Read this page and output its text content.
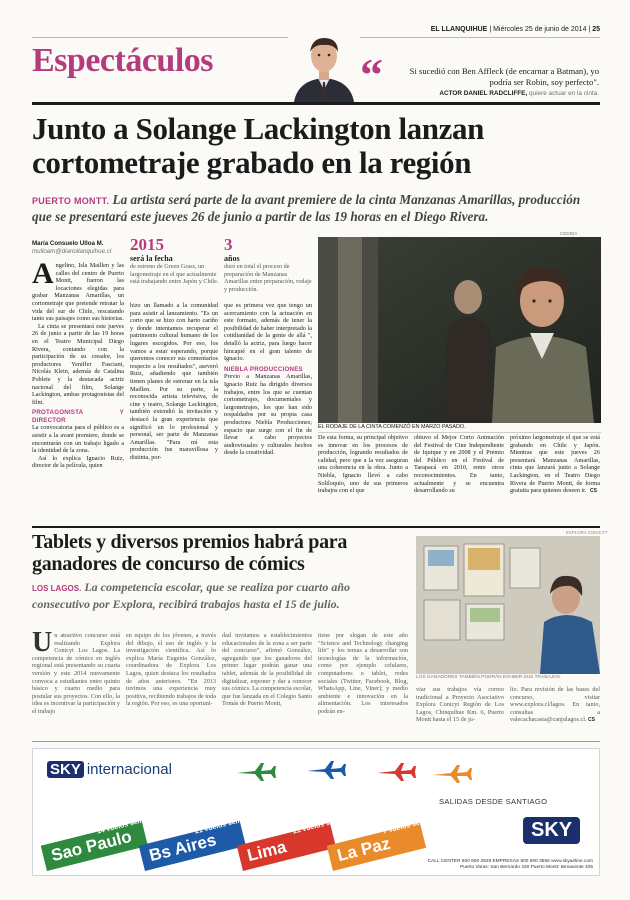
EL LLANQUIHUE | Miércoles 25 de junio de 2014 | 25
Espectáculos	“	Si sucedió con Ben Affleck (de encarnar a Batman), yo podría ser Robin, soy perfecto".
ACTOR DANIEL RADCLIFFE, quiere actuar en la cinta.
Junto a Solange Lackington lanzan cortometraje grabado en la región
PUERTO MONTT. La artista será parte de la avant premiere de la cinta Manzanas Amarillas, producción que se presentará este jueves 26 de junio a partir de las 19 horas en el Diego Rivera.
María Consuelo Ulloa M.
mulloam@diariollanquihue.cl

Angelino, Isla Maillen y las calles del centro de Puerto Montt, fueron las locaciones elegidas para grabar Manzanas Amarillas, un cortometraje que pretende retratar la vida del sur de Chile, rescatando tanto sus paisajes como sus historias.

La cinta se presentará este jueves 26 de junio a partir de las 19 horas en el Teatro Municipal Diego Rivera, contando con la participación de su creador, los productores Yeniffer Fasciani, Nicolás Klein, además de Catalina Poblete y la destacada actriz nacional del film, Solange Lackington, ambas protagonistas del film.

PROTAGONISTA Y DIRECTOR

La convocatoria para el público es a asistir a la avant premiere, donde se encontrarán con un trabajo ligado a la identidad de la zona.

Así lo explica Ignacio Ruiz, director de la película, quien

2015
será la fecha
de estreno de Green Grass, un largometraje en el que actualmente está trabajando entre Japón y Chile.
3
años
duró en total el proceso de preparación de Manzanas Amarillas entre preparación, rodaje y producción.
hizo un llamado a la comunidad para asistir al lanzamiento. "Es un corto que se hizo con harto cariño y donde intentamos recuperar el patrimonio cultural humano de los lugares escogidos. Por eso, los vamos a estar esperando, porque queremos conocer sus comentarios respecto a los resultados", aseveró Ruiz, añadiendo que también tienen planes de estrenar en la isla Maillen. Por su parte, la reconocida artista televisiva, de cine y teatro, Solange Lackington, también extendió la invitación y destacó la gran experiencia que significó en lo profesional y personal, ser parte de Manzanas Amarillas. "Para mí esta producción fue maravillosa y distinta, por-

que es primera vez que tengo un acercamiento con la actuación en este formato, además de tener la posibilidad de haber interpretado la cotidianidad de la gente de allá ", detalló la actriz, para luego hacer hincapié en el gran talento de Ignacio.

NIEBLA PRODUCCIONES

Previo a Manzanas Amarillas, Ignacio Ruiz ha dirigido diversos trabajos, entre los que se cuentan cortometrajes, documentales y largometrajes, los que han sido respaldados por su propia casa productora Niebla Producciones; espacio que surge con el fin de llevar a cabo proyectos audiovisuales y culturales hechos desde la creatividad.

CEDIDA
EL RODAJE DE LA CINTA COMENZÓ EN MARZO PASADO.
De esta forma, su principal objetivo es innovar en los procesos de producción, logrando resultados de calidad, pero que a la vez aseguran una coherencia en la obra. Junto a Niebla, Ignacio llevó a cabo Soliloquio, uno de sus primeros trabajos con el que
obtuvo el Mejor Corto Animación del Festival de Cine Independiente de Iquique y en 2008 y el Premio del Público en el Festival de Tarapacá en 2010, entre otros reconocimientos. En tanto, actualmente y se encuentra desarrollando su
próximo largometraje el que se está grabando en Chile y Japón. Mientras que este jueves 26 presentará Manzanas Amarillas, cinta que lanzará junto a Solange Lackington, en el Teatro Diego Rivera de Puerto Montt, de forma gratuita para quienes deseen ir. CS
Tablets y diversos premios habrá para ganadores de concurso de cómics
LOS LAGOS. La competencia escolar, que se realiza por cuarto año consecutivo por Explora, recibirá trabajos hasta el 15 de julio.
U n atractivo concurso está realizando Explora Conicyt Los Lagos. La competencia de cómics en inglés regional está presentando su cuarta versión y este 2014 nuevamente convoca a estudiantes entre quinto básico y cuarto medio para postular sus proyectos. Con ello, la idea es incentivar la participación y el trabajo
en equipo de los jóvenes, a través del dibujo, el uso de inglés y la investigación científica. Así lo explica María Eugenia González, coordinadora de Explora Los Lagos, quien destaca los resultados de años anteriores. "En 2013 tuvimos una experiencia muy positiva, recibiendo trabajos de toda la región. Por eso, es una oportuni-
dad invitamos a establecimientos educacionales de la zona a ser parte del concurso", afirmó González, agregando que los ganadores del primer lugar podrán ganar una tablet, además de la posibilidad de digitalizar, exponer y dar a conocer sus cómics. La competencia escolar, que fue lanzada en el Colegio Santo Tomás de Puerto Montt,
tiene por slogan de este año "Science and Technology changing life" y los temas a desarrollar son tecnologías de la información, como por ejemplo celulares, computadores o tablet, redes sociales (Twitter, Facebook, Blog, WhatsApp, Line, Viner); y medio ambiente e innovación en la alimentación. Los interesados podrán en-
EXPLORA CONICYT
LOS GANADORES TAMBIÉN PODRÁN EXHIBIR SUS TRABAJOS.
viar sus trabajos vía correo tradicional a Proyecto Asociativo Explora Conicyt Región de Los Lagos, Chinquihue Km. 6, Puerto Montt hasta el 15 de ju-
lio. Para revisión de las bases del concurso, visitar www.explora.cl/lagos. En tanto, consultas a valecachacasta@canjulagos.cl. CS
SKY internacional
Sao Paulo
14 vuelos semanales
Bs Aires
21 vuelos semanales
Lima
21 vuelos semanales
La Paz
7 vuelos semanales
SALIDAS DESDE SANTIAGO
SKY
CALL CENTER 600 600 2828 EMPRESAS 600 600 3555 www.skyairline.com
Puerto Varas: San Bernardo 430 Puerto Montt: Benavente 405
